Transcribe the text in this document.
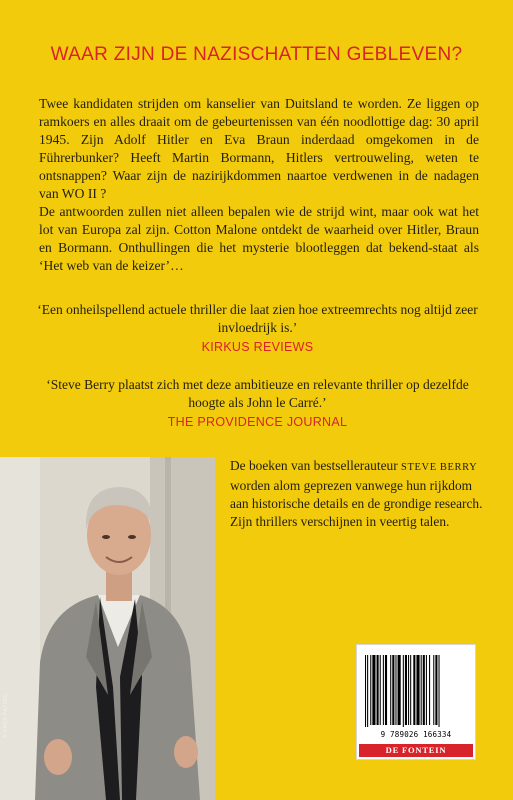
WAAR ZIJN DE NAZISCHATTEN GEBLEVEN?

Twee kandidaten strijden om kanselier van Duitsland te worden. Ze liggen op ramkoers en alles draait om de gebeurtenissen van één noodlottige dag: 30 april 1945. Zijn Adolf Hitler en Eva Braun inderdaad omgekomen in de Führerbunker? Heeft Martin Bormann, Hitlers vertrouweling, weten te ontsnappen? Waar zijn de nazirijkdommen naartoe verdwenen in de nadagen van WO II ?

De antwoorden zullen niet alleen bepalen wie de strijd wint, maar ook wat het lot van Europa zal zijn. Cotton Malone ontdekt de waarheid over Hitler, Braun en Bormann. Onthullingen die het mysterie blootleggen dat bekend-staat als ‘Het web van de keizer’…

‘Een onheilspellend actuele thriller die laat zien hoe extreemrechts nog altijd zeer invloedrijk is.’
KIRKUS REVIEWS
‘Steve Berry plaatst zich met deze ambitieuze en relevante thriller op dezelfde hoogte als John le Carré.’
THE PROVIDENCE JOURNAL
© KAKA PATTEE
De boeken van bestsellerauteur STEVE BERRY worden alom geprezen vanwege hun rijkdom aan historische details en de grondige research. Zijn thrillers verschijnen in veertig talen.
9 789026 166334
DE FONTEIN
